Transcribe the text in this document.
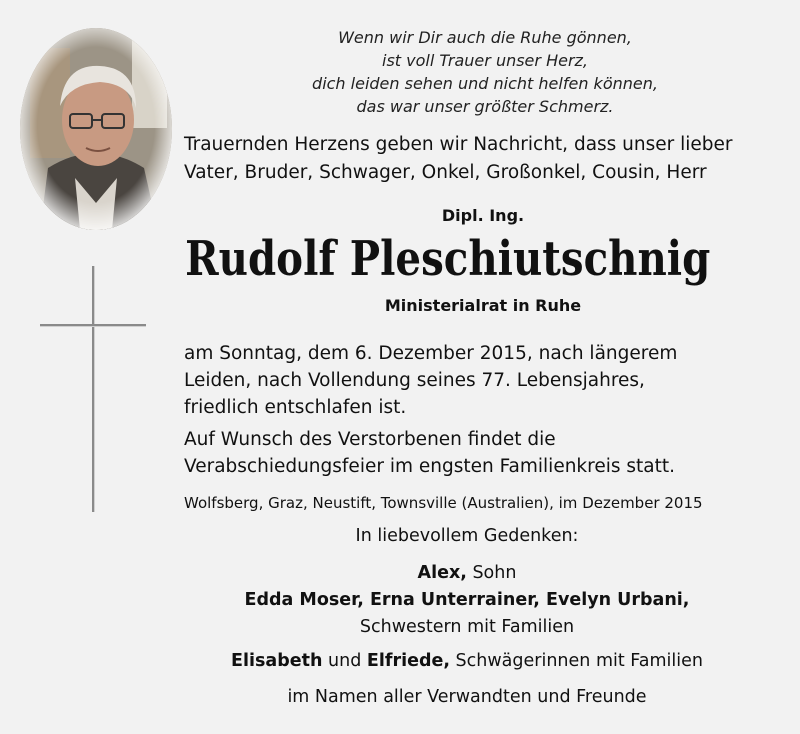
Wenn wir Dir auch die Ruhe gönnen,
ist voll Trauer unser Herz,
dich leiden sehen und nicht helfen können,
das war unser größter Schmerz.
Trauernden Herzens geben wir Nachricht, dass unser lieber
Vater, Bruder, Schwager, Onkel, Großonkel, Cousin, Herr
Dipl. Ing.
Rudolf Pleschiutschnig
Ministerialrat in Ruhe
am Sonntag, dem 6. Dezember 2015, nach längerem
Leiden, nach Vollendung seines 77. Lebensjahres,
friedlich entschlafen ist.
Auf Wunsch des Verstorbenen findet die
Verabschiedungsfeier im engsten Familienkreis statt.
Wolfsberg, Graz, Neustift, Townsville (Australien), im Dezember 2015
In liebevollem Gedenken:
Alex, Sohn
Edda Moser, Erna Unterrainer, Evelyn Urbani,
Schwestern mit Familien
Elisabeth und Elfriede, Schwägerinnen mit Familien
im Namen aller Verwandten und Freunde
